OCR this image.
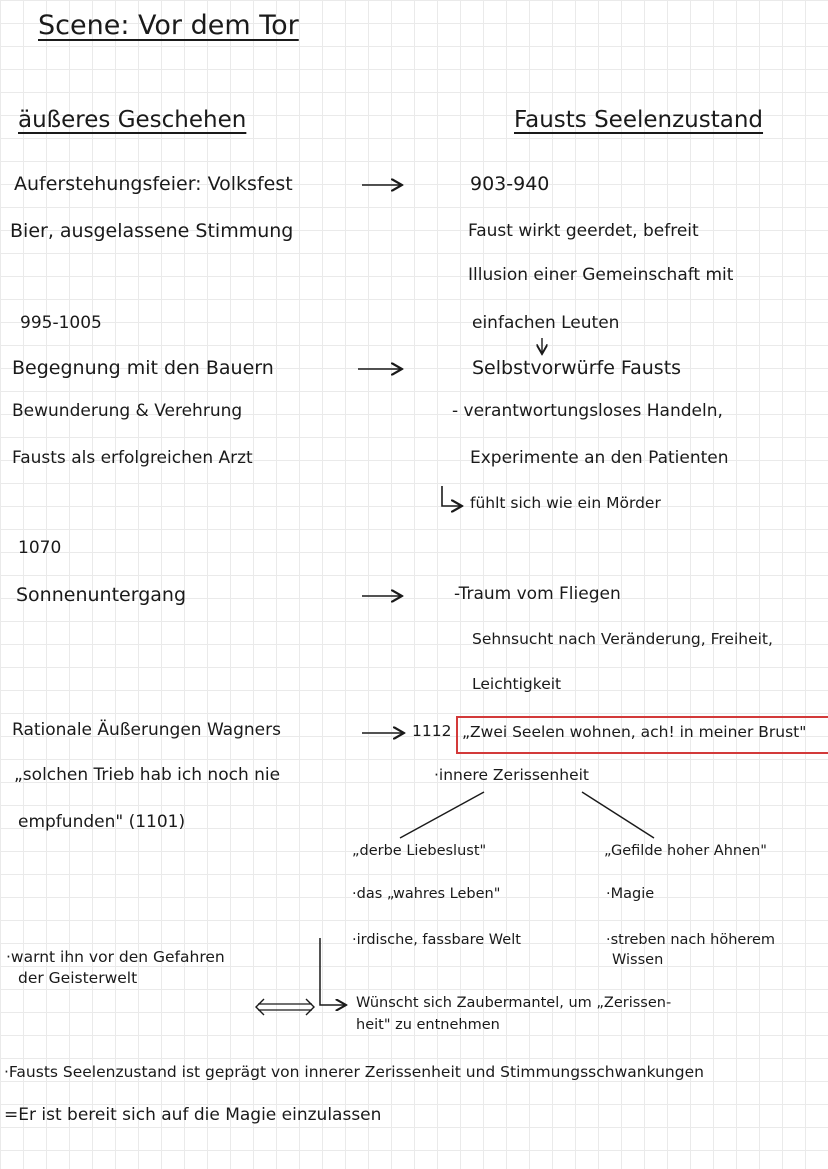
Scene: Vor dem Tor
äußeres Geschehen	Fausts Seelenzustand
Auferstehungsfeier: Volksfest
Bier, ausgelassene Stimmung
995-1005
Begegnung mit den Bauern
Bewunderung & Verehrung
Fausts als erfolgreichen Arzt
1070
Sonnenuntergang
Rationale Äußerungen Wagners
„solchen Trieb hab ich noch nie
empfunden" (1101)
·warnt ihn vor den Gefahren
der Geisterwelt
903-940
Faust wirkt geerdet, befreit
Illusion einer Gemeinschaft mit
einfachen Leuten
Selbstvorwürfe Fausts
- verantwortungsloses Handeln,
Experimente an den Patienten
fühlt sich wie ein Mörder
-Traum vom Fliegen
Sehnsucht nach Veränderung, Freiheit,
Leichtigkeit
1112 „Zwei Seelen wohnen, ach! in meiner Brust"
·innere Zerissenheit
„derbe Liebeslust"
·das „wahres Leben"
·irdische, fassbare Welt
„Gefilde hoher Ahnen"
·Magie
·streben nach höherem
Wissen
Wünscht sich Zaubermantel, um „Zerissen-
heit" zu entnehmen
·Fausts Seelenzustand ist geprägt von innerer Zerissenheit und Stimmungsschwankungen
=Er ist bereit sich auf die Magie einzulassen
